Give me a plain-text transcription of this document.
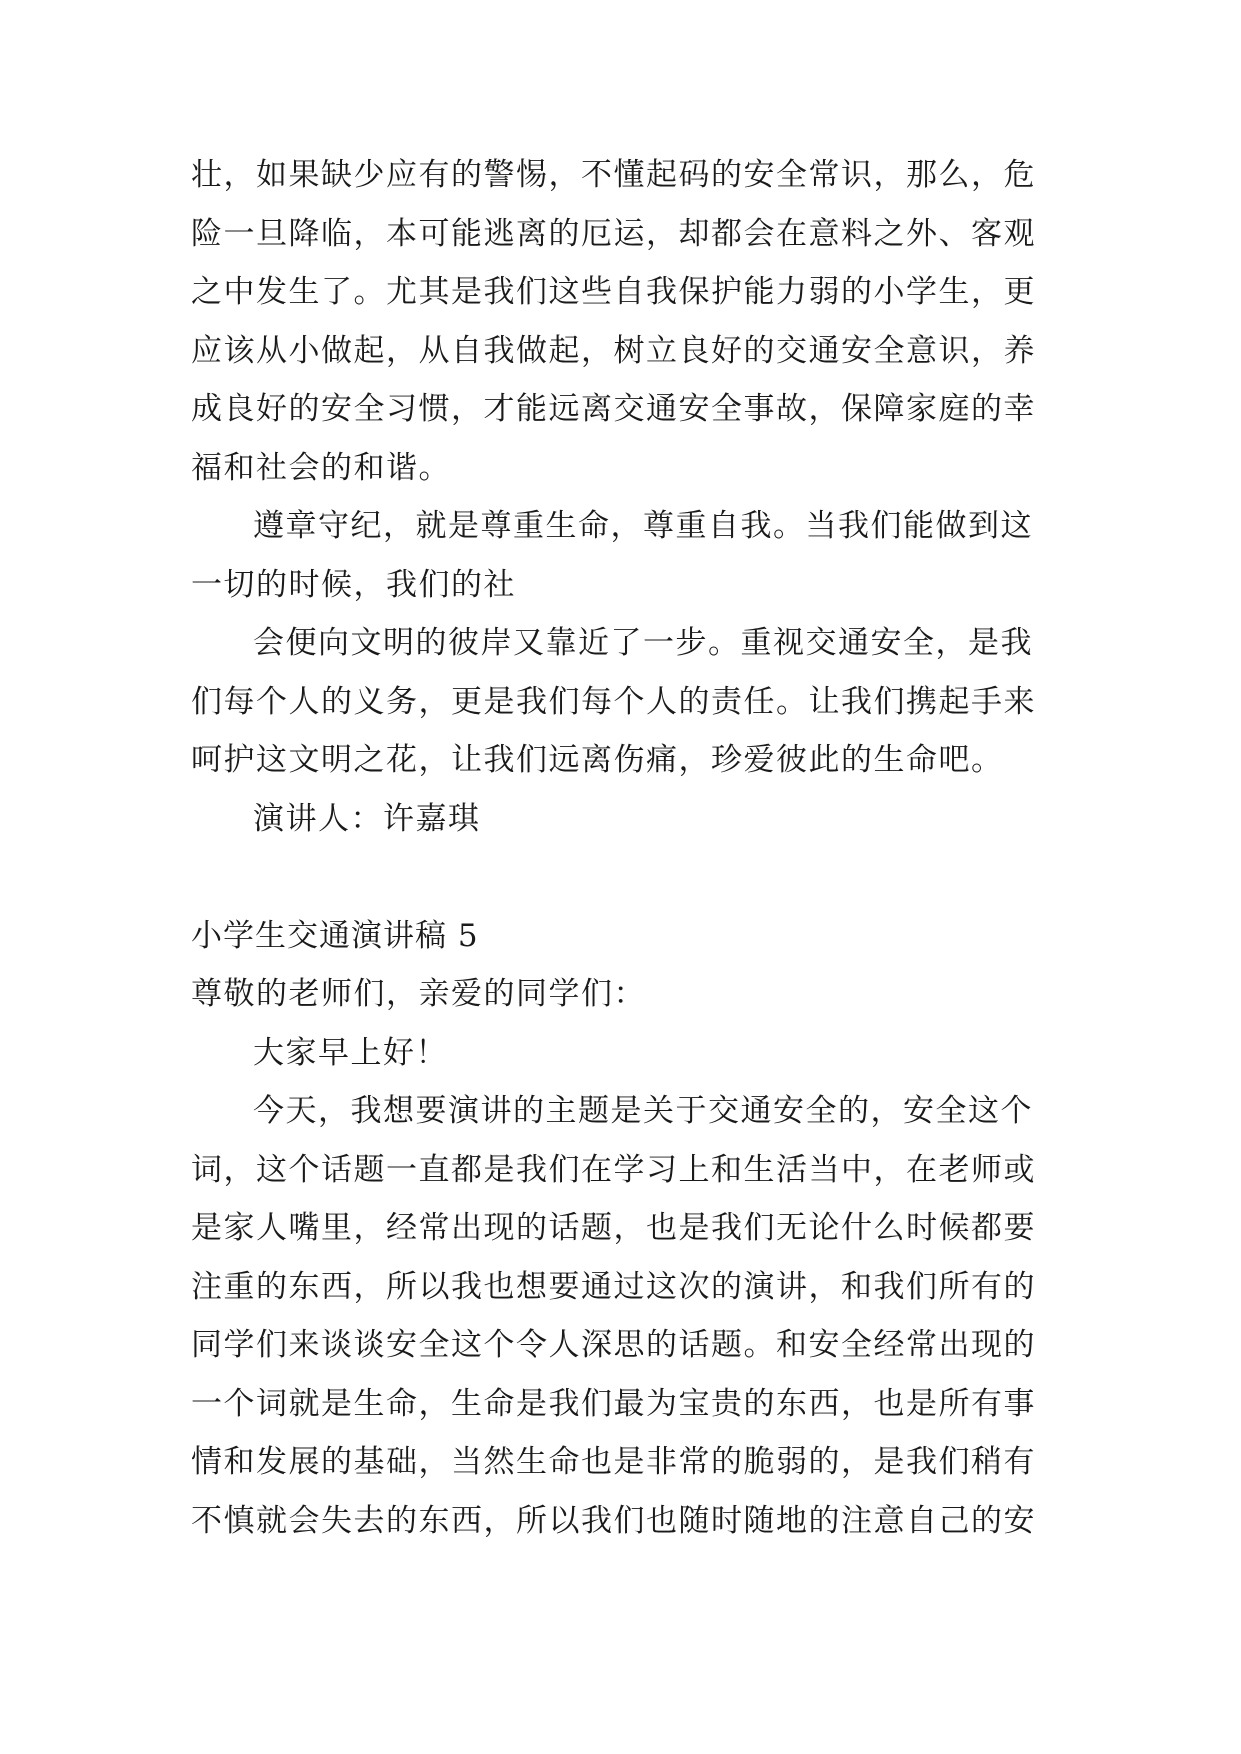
壮，如果缺少应有的警惕，不懂起码的安全常识，那么，危
险一旦降临，本可能逃离的厄运，却都会在意料之外、客观
之中发生了。尤其是我们这些自我保护能力弱的小学生，更
应该从小做起，从自我做起，树立良好的交通安全意识，养
成良好的安全习惯，才能远离交通安全事故，保障家庭的幸
福和社会的和谐。
遵章守纪，就是尊重生命，尊重自我。当我们能做到这
一切的时候，我们的社
会便向文明的彼岸又靠近了一步。重视交通安全，是我
们每个人的义务，更是我们每个人的责任。让我们携起手来
呵护这文明之花，让我们远离伤痛，珍爱彼此的生命吧。
演讲人：许嘉琪
小学生交通演讲稿 5
尊敬的老师们，亲爱的同学们：
大家早上好！
今天，我想要演讲的主题是关于交通安全的，安全这个
词，这个话题一直都是我们在学习上和生活当中，在老师或
是家人嘴里，经常出现的话题，也是我们无论什么时候都要
注重的东西，所以我也想要通过这次的演讲，和我们所有的
同学们来谈谈安全这个令人深思的话题。和安全经常出现的
一个词就是生命，生命是我们最为宝贵的东西，也是所有事
情和发展的基础，当然生命也是非常的脆弱的，是我们稍有
不慎就会失去的东西，所以我们也随时随地的注意自己的安
